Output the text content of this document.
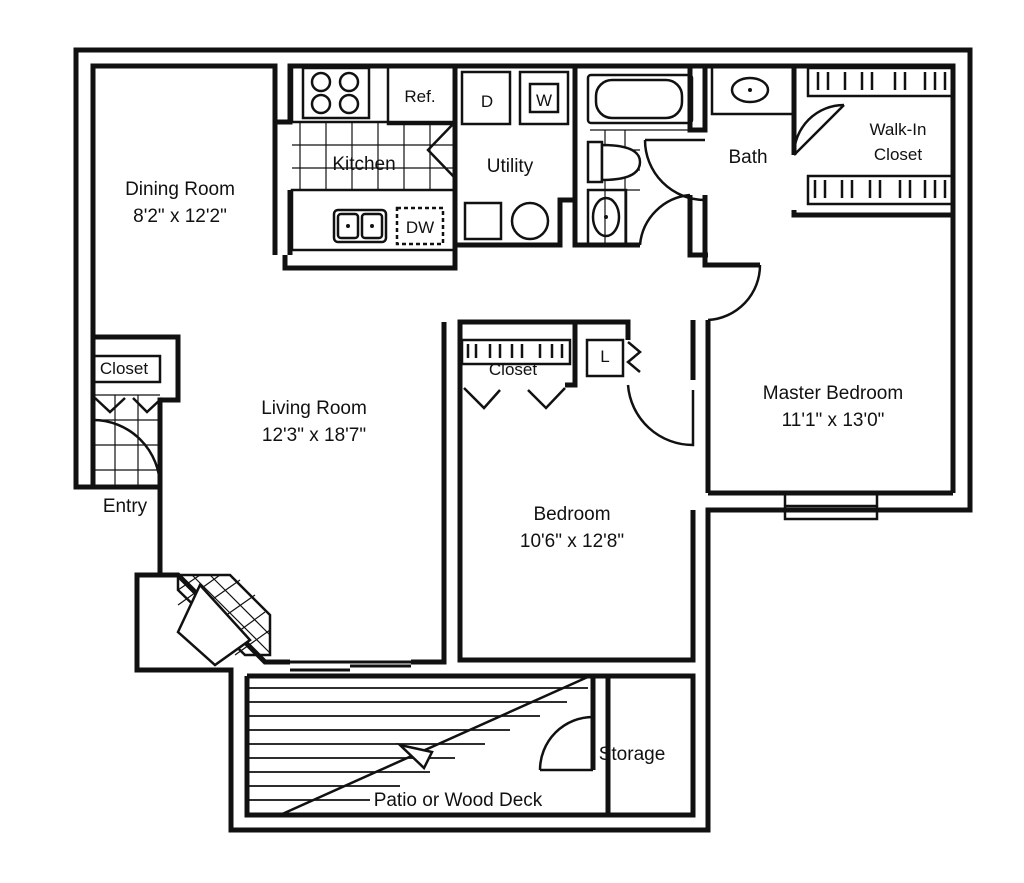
Dining Room
8'2" x 12'2"
Kitchen
Ref.
DW
Utility
D	W
Bath
Walk-In
Closet
Living Room
12'3" x 18'7"
Closet
Entry
Closet
L
Bedroom
10'6" x 12'8"
Master Bedroom
11'1" x 13'0"
Storage
Patio or Wood Deck
